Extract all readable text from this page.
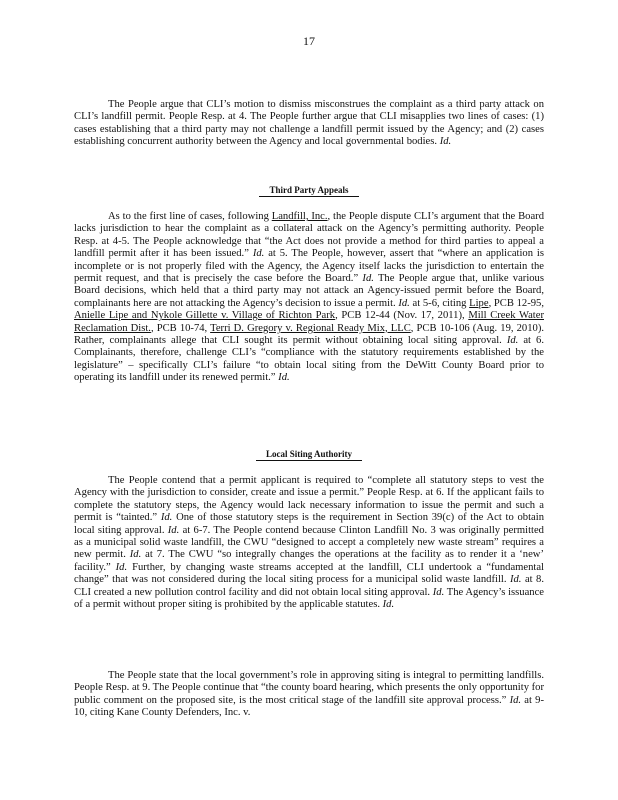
17

The People argue that CLI’s motion to dismiss misconstrues the complaint as a third party attack on CLI’s landfill permit. People Resp. at 4. The People further argue that CLI misapplies two lines of cases: (1) cases establishing that a third party may not challenge a landfill permit issued by the Agency; and (2) cases establishing concurrent authority between the Agency and local governmental bodies. Id.

Third Party Appeals

As to the first line of cases, following Landfill, Inc., the People dispute CLI’s argument that the Board lacks jurisdiction to hear the complaint as a collateral attack on the Agency’s permitting authority. People Resp. at 4-5. The People acknowledge that “the Act does not provide a method for third parties to appeal a landfill permit after it has been issued.” Id. at 5. The People, however, assert that “where an application is incomplete or is not properly filed with the Agency, the Agency itself lacks the jurisdiction to entertain the permit request, and that is precisely the case before the Board.” Id. The People argue that, unlike various Board decisions, which held that a third party may not attack an Agency-issued permit before the Board, complainants here are not attacking the Agency’s decision to issue a permit. Id. at 5-6, citing Lipe, PCB 12-95, Anielle Lipe and Nykole Gillette v. Village of Richton Park, PCB 12-44 (Nov. 17, 2011), Mill Creek Water Reclamation Dist., PCB 10-74, Terri D. Gregory v. Regional Ready Mix, LLC, PCB 10-106 (Aug. 19, 2010). Rather, complainants allege that CLI sought its permit without obtaining local siting approval. Id. at 6. Complainants, therefore, challenge CLI’s “compliance with the statutory requirements established by the legislature” – specifically CLI’s failure “to obtain local siting from the DeWitt County Board prior to operating its landfill under its renewed permit.” Id.

Local Siting Authority

The People contend that a permit applicant is required to “complete all statutory steps to vest the Agency with the jurisdiction to consider, create and issue a permit.” People Resp. at 6. If the applicant fails to complete the statutory steps, the Agency would lack necessary information to issue the permit and such a permit is “tainted.” Id. One of those statutory steps is the requirement in Section 39(c) of the Act to obtain local siting approval. Id. at 6-7. The People contend because Clinton Landfill No. 3 was originally permitted as a municipal solid waste landfill, the CWU “designed to accept a completely new waste stream” requires a new permit. Id. at 7. The CWU “so integrally changes the operations at the facility as to render it a ‘new’ facility.” Id. Further, by changing waste streams accepted at the landfill, CLI undertook a “fundamental change” that was not considered during the local siting process for a municipal solid waste landfill. Id. at 8. CLI created a new pollution control facility and did not obtain local siting approval. Id. The Agency’s issuance of a permit without proper siting is prohibited by the applicable statutes. Id.

The People state that the local government’s role in approving siting is integral to permitting landfills. People Resp. at 9. The People continue that “the county board hearing, which presents the only opportunity for public comment on the proposed site, is the most critical stage of the landfill site approval process.” Id. at 9-10, citing Kane County Defenders, Inc. v.
